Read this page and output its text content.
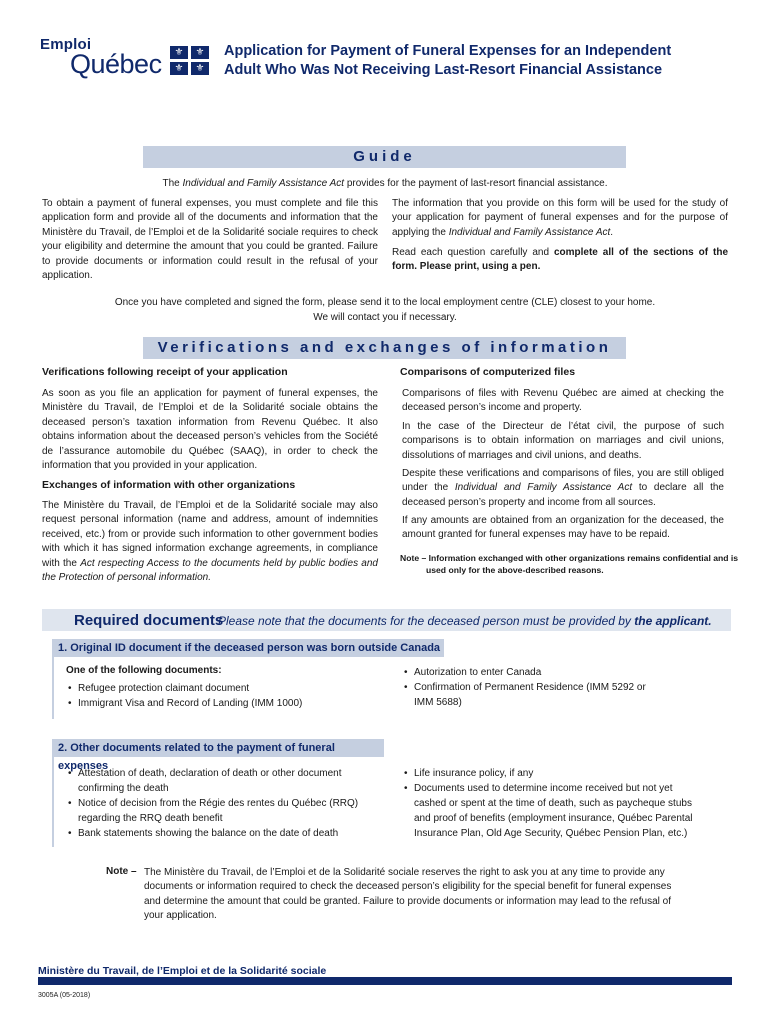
Emploi
Québec	⚜	⚜
⚜	⚜
Application for Payment of Funeral Expenses for an Independent
Adult Who Was Not Receiving Last-Resort Financial Assistance
Guide
The Individual and Family Assistance Act provides for the payment of last-resort financial assistance.
To obtain a payment of funeral expenses, you must complete and file this application form and provide all of the documents and information that the Ministère du Travail, de l’Emploi et de la Solidarité sociale requires to check your eligibility and determine the amount that you could be granted. Failure to provide documents or information could result in the refusal of your application.
The information that you provide on this form will be used for the study of your application for payment of funeral expenses and for the purpose of applying the Individual and Family Assistance Act.
Read each question carefully and complete all of the sections of the form. Please print, using a pen.
Once you have completed and signed the form, please send it to the local employment centre (CLE) closest to your home.
We will contact you if necessary.
Verifications and exchanges of information
Verifications following receipt of your application
As soon as you file an application for payment of funeral expenses, the Ministère du Travail, de l’Emploi et de la Solidarité sociale obtains the deceased person’s taxation information from Revenu Québec. It also obtains information about the deceased person’s vehicles from the Société de l’assurance automobile du Québec (SAAQ), in order to check the information that you provided in your application.
Exchanges of information with other organizations
The Ministère du Travail, de l’Emploi et de la Solidarité sociale may also request personal information (name and address, amount of indemnities received, etc.) from or provide such information to other government bodies with which it has signed information exchange agreements, in compliance with the Act respecting Access to the documents held by public bodies and the Protection of personal information.
Comparisons of computerized files
Comparisons of files with Revenu Québec are aimed at checking the deceased person’s income and property.
In the case of the Directeur de l’état civil, the purpose of such comparisons is to obtain information on marriages and civil unions, dissolutions of marriages and civil unions, and deaths.
Despite these verifications and comparisons of files, you are still obliged under the Individual and Family Assistance Act to declare all the deceased person’s property and income from all sources.
If any amounts are obtained from an organization for the deceased, the amount granted for funeral expenses may have to be repaid.
Note – Information exchanged with other organizations remains confidential and is
used only for the above-described reasons.
Required documents
Please note that the documents for the deceased person must be provided by the applicant.
1. Original ID document if the deceased person was born outside Canada
One of the following documents:
• Refugee protection claimant document
• Immigrant Visa and Record of Landing (IMM 1000)
• Autorization to enter Canada
• Confirmation of Permanent Residence (IMM 5292 or IMM 5688)
2. Other documents related to the payment of funeral expenses
• Attestation of death, declaration of death or other document confirming the death
• Notice of decision from the Régie des rentes du Québec (RRQ) regarding the RRQ death benefit
• Bank statements showing the balance on the date of death
• Life insurance policy, if any
• Documents used to determine income received but not yet cashed or spent at the time of death, such as paycheque stubs and proof of benefits (employment insurance, Québec Parental Insurance Plan, Old Age Security, Québec Pension Plan, etc.)
Note – The Ministère du Travail, de l’Emploi et de la Solidarité sociale reserves the right to ask you at any time to provide any documents or information required to check the deceased person’s eligibility for the special benefit for funeral expenses and determine the amount that could be granted. Failure to provide documents or information may lead to the refusal of your application.
Ministère du Travail, de l’Emploi et de la Solidarité sociale
3005A (05-2018)
